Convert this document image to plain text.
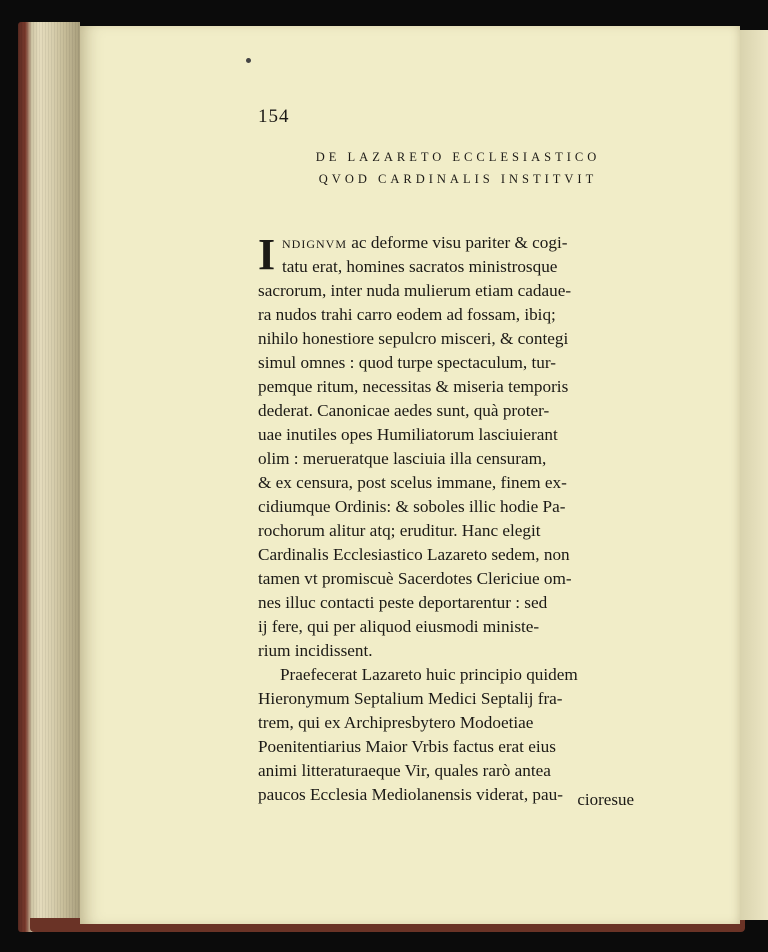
154
DE LAZARETO ECCLESIASTICO
QVOD CARDINALIS INSTITVIT
I NDIGNVM ac deforme visu pariter & cogi-
tatu erat, homines sacratos ministrosque
sacrorum, inter nuda mulierum etiam cadaue-
ra nudos trahi carro eodem ad fossam, ibiq;
nihilo honestiore sepulcro misceri, & contegi
simul omnes : quod turpe spectaculum, tur-
pemque ritum, necessitas & miseria temporis
dederat. Canonicae aedes sunt, quà proter-
uae inutiles opes Humiliatorum lasciuierant
olim : merueratque lasciuia illa censuram,
& ex censura, post scelus immane, finem ex-
cidiumque Ordinis: & soboles illic hodie Pa-
rochorum alitur atq; eruditur. Hanc elegit
Cardinalis Ecclesiastico Lazareto sedem, non
tamen vt promiscuè Sacerdotes Clericiue om-
nes illuc contacti peste deportarentur : sed
ij fere, qui per aliquod eiusmodi ministe-
rium incidissent.
Praefecerat Lazareto huic principio quidem
Hieronymum Septalium Medici Septalij fra-
trem, qui ex Archipresbytero Modoetiae
Poenitentiarius Maior Vrbis factus erat eius
animi litteraturaeque Vir, quales rarò antea
paucos Ecclesia Mediolanensis viderat, pau- cioresue
